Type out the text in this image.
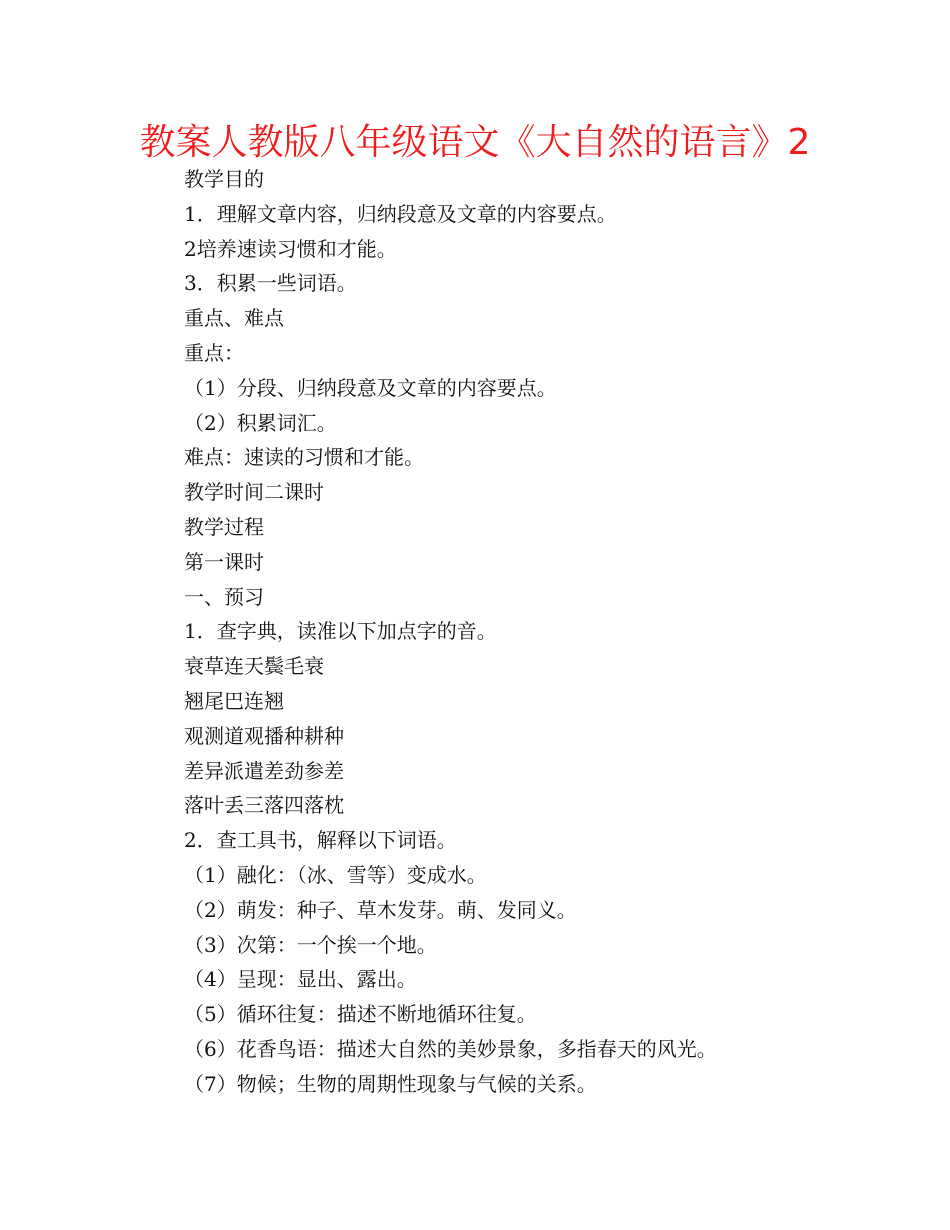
教案人教版八年级语文《大自然的语言》2

教学目的

1．理解文章内容，归纳段意及文章的内容要点。

2培养速读习惯和才能。

3．积累一些词语。

重点、难点

重点：

（1）分段、归纳段意及文章的内容要点。

（2）积累词汇。

难点：速读的习惯和才能。

教学时间二课时

教学过程

第一课时

一、预习

1．查字典，读准以下加点字的音。

衰草连天鬓毛衰

翘尾巴连翘

观测道观播种耕种

差异派遣差劲参差

落叶丢三落四落枕

2．查工具书，解释以下词语。

（1）融化：（冰、雪等）变成水。

（2）萌发：种子、草木发芽。萌、发同义。

（3）次第：一个挨一个地。

（4）呈现：显出、露出。

（5）循环往复：描述不断地循环往复。

（6）花香鸟语：描述大自然的美妙景象，多指春天的风光。

（7）物候；生物的周期性现象与气候的关系。
